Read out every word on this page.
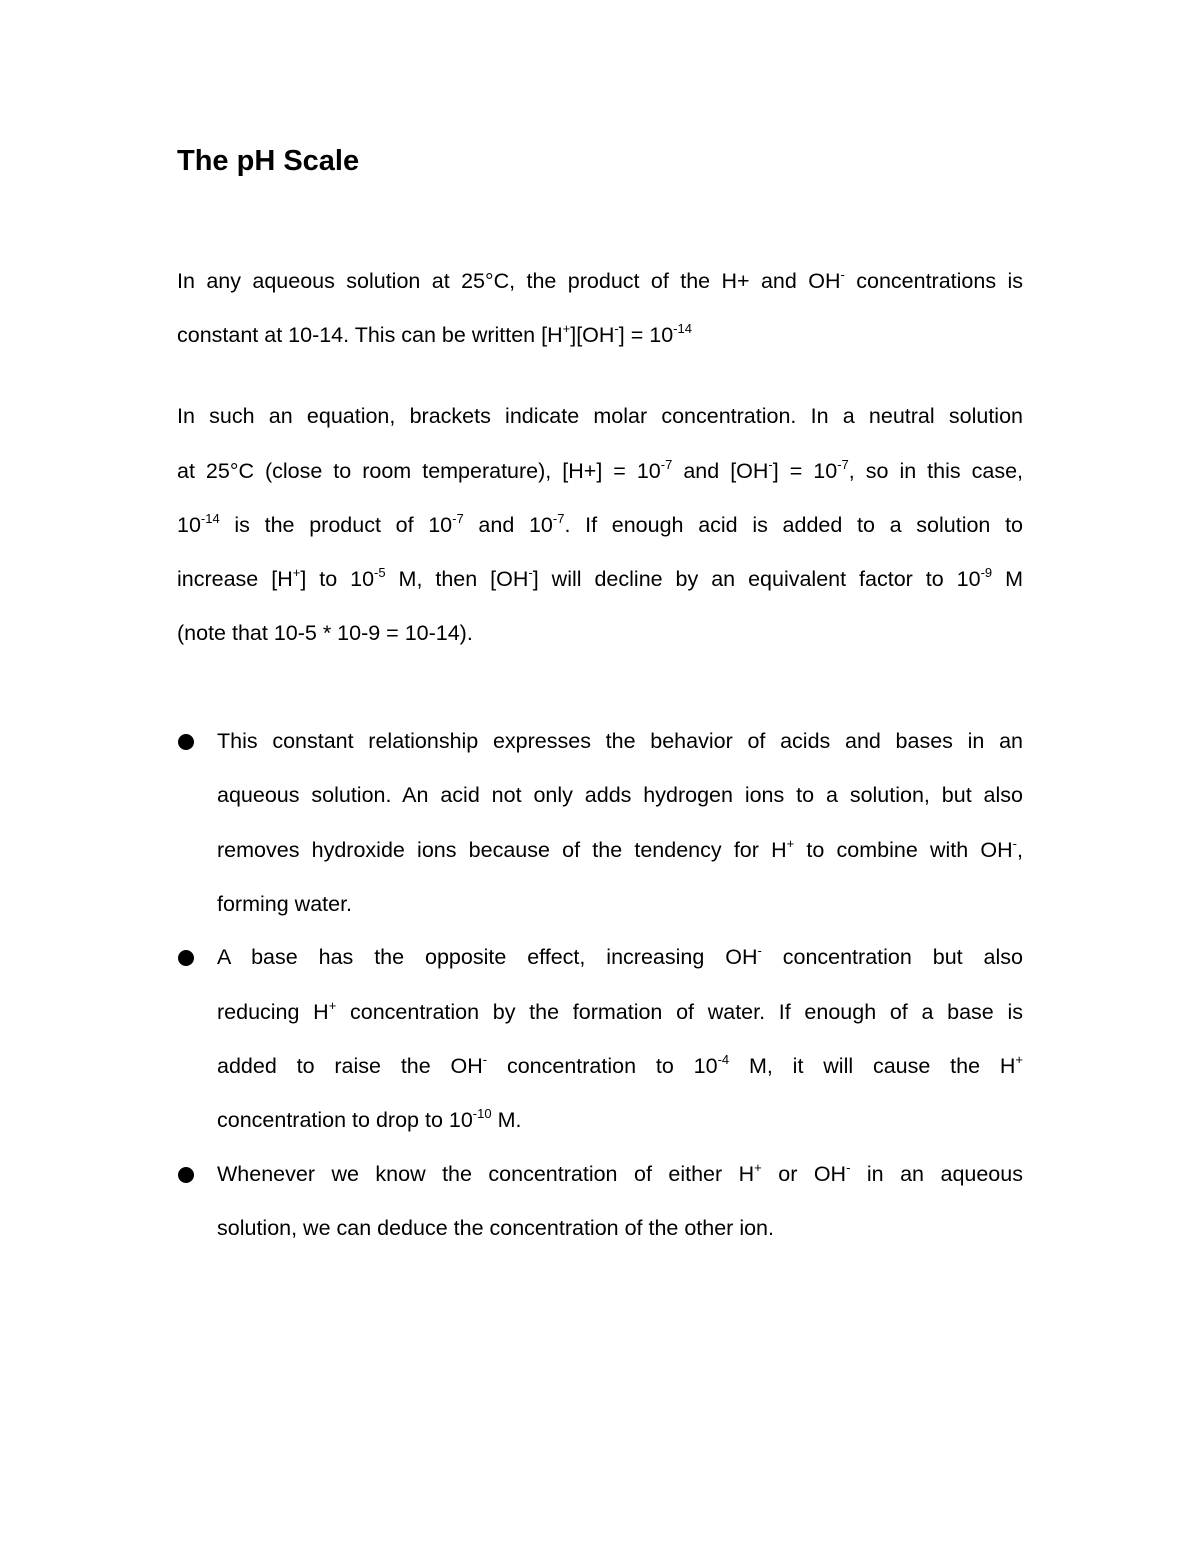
The pH Scale
In any aqueous solution at 25°C, the product of the H+ and OH- concentrations is
constant at 10-14. This can be written $[H^+][OH^-] = 10^{-14}$
In such an equation, brackets indicate molar concentration. In a neutral solution
at 25°C (close to room temperature), $[H+] = 10^{-7}$ and $[OH^-] = 10^{-7}$, so in this case,
$10^{-14}$ is the product of $10^{-7}$ and $10^{-7}$. If enough acid is added to a solution to
increase [H+] to $10^{-5}$ M, then [OH-] will decline by an equivalent factor to $10^{-9}$ M
(note that 10-5 * 10-9 = 10-14).
This constant relationship expresses the behavior of acids and bases in an
aqueous solution. An acid not only adds hydrogen ions to a solution, but also
removes hydroxide ions because of the tendency for H+ to combine with OH-,
forming water.
A base has the opposite effect, increasing OH- concentration but also
reducing H+ concentration by the formation of water. If enough of a base is
added to raise the OH- concentration to $10^{-4}$ M, it will cause the H+
concentration to drop to $10^{-10}$ M.
Whenever we know the concentration of either H+ or OH- in an aqueous
solution, we can deduce the concentration of the other ion.
